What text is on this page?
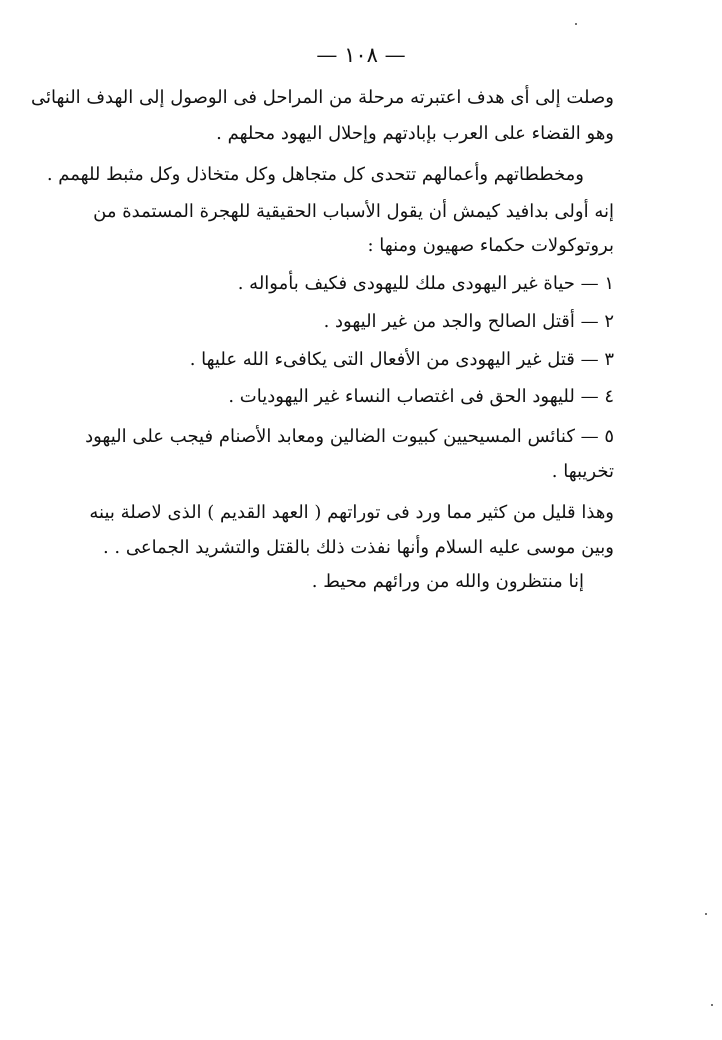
— ١٠٨ —
وصلت إلى أى هدف اعتبرته مرحلة من المراحل فى الوصول إلى الهدف النهائى
وهو القضاء على العرب بإبادتهم وإحلال اليهود محلهم .
ومخططاتهم وأعمالهم تتحدى كل متجاهل وكل متخاذل وكل مثبط للهمم .
إنه أولى بدافيد كيمش أن يقول الأسباب الحقيقية للهجرة المستمدة من
بروتوكولات حكماء صهيون ومنها :
١ — حياة غير اليهودى ملك لليهودى فكيف بأمواله .
٢ — أقتل الصالح والجد من غير اليهود .
٣ — قتل غير اليهودى من الأفعال التى يكافىء الله عليها .
٤ — لليهود الحق فى اغتصاب النساء غير اليهوديات .
٥ — كنائس المسيحيين كبيوت الضالين ومعابد الأصنام فيجب على اليهود
تخريبها .
وهذا قليل من كثير مما ورد فى توراتهم ( العهد القديم ) الذى لاصلة بينه
وبين موسى عليه السلام وأنها نفذت ذلك بالقتل والتشريد الجماعى . .
إنا منتظرون والله من ورائهم محيط .
